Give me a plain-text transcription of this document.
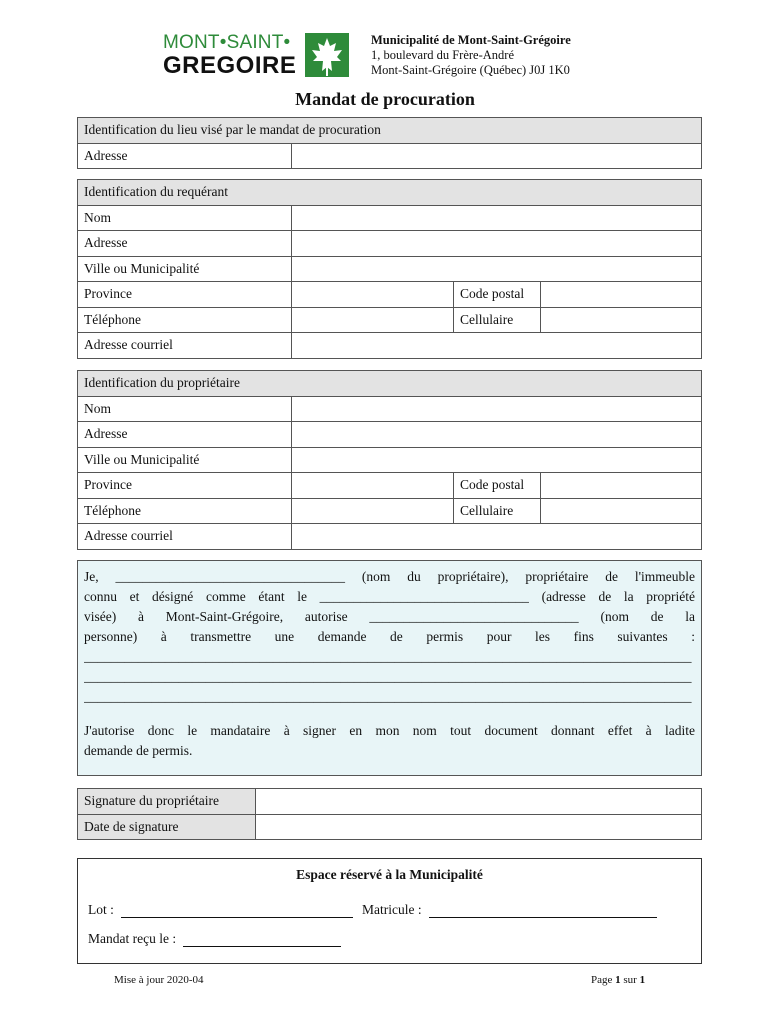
MONT•SAINT•
GREGOIRE
Municipalité de Mont-Saint-Grégoire
1, boulevard du Frère-André
Mont-Saint-Grégoire (Québec) J0J 1K0
Mandat de procuration
Identification du lieu visé par le mandat de procuration
Adresse	
Identification du requérant			
Nom			
Adresse			
Ville ou Municipalité			
Province		Code postal	
Téléphone		Cellulaire	
Adresse courriel			
Identification du propriétaire			
Nom			
Adresse			
Ville ou Municipalité			
Province		Code postal	
Téléphone		Cellulaire	
Adresse courriel			
Je, __________________________________ (nom du propriétaire), propriétaire de l'immeuble
connu et désigné comme étant le _______________________________ (adresse de la propriété
visée) à Mont-Saint-Grégoire, autorise _______________________________ (nom de la
personne) à transmettre une demande de permis pour les fins suivantes :
__________________________________________________________________________________________
__________________________________________________________________________________________
__________________________________________________________________________________________
J'autorise donc le mandataire à signer en mon nom tout document donnant effet à ladite
demande de permis.
Signature du propriétaire	
Date de signature	
Espace réservé à la Municipalité
Lot :	Matricule :
Mandat reçu le :
Mise à jour 2020-04	Page 1 sur 1
